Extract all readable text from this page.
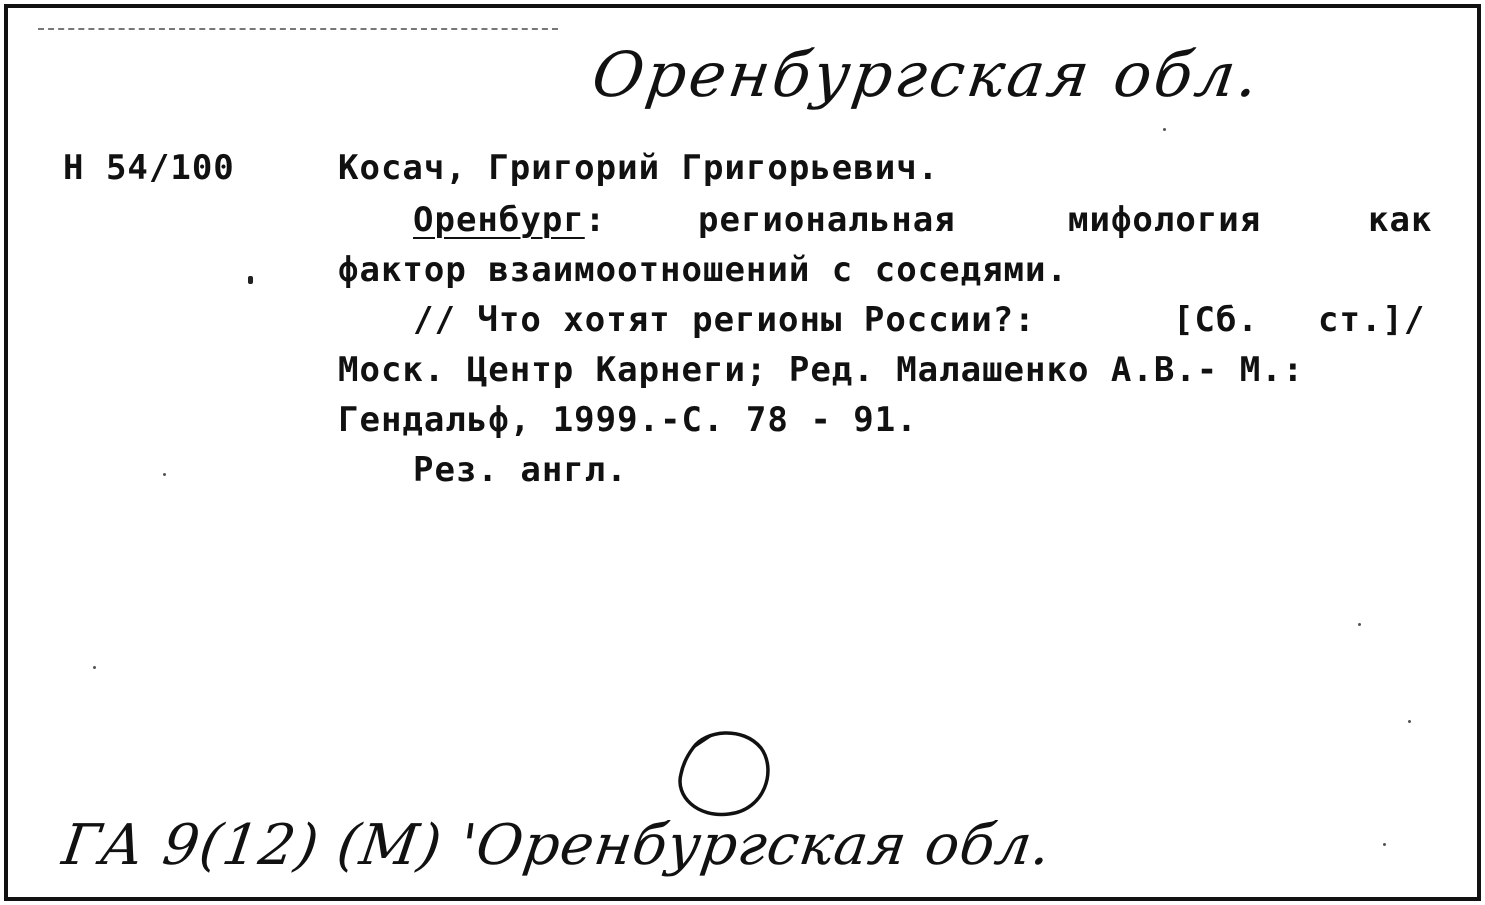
Оренбургская обл.
Н 54/100	Косач, Григорий Григорьевич.
Оренбург:	региональная	мифология	как
фактор взаимоотношений с соседями.
// Что хотят регионы России?:	[Сб. ст.]/
Моск. Центр Карнеги; Ред. Малашенко А.В.- М.:
Гендальф, 1999.-С. 78 - 91.
Рез. англ.
ГА 9(12) (М) 'Оренбургская обл.
